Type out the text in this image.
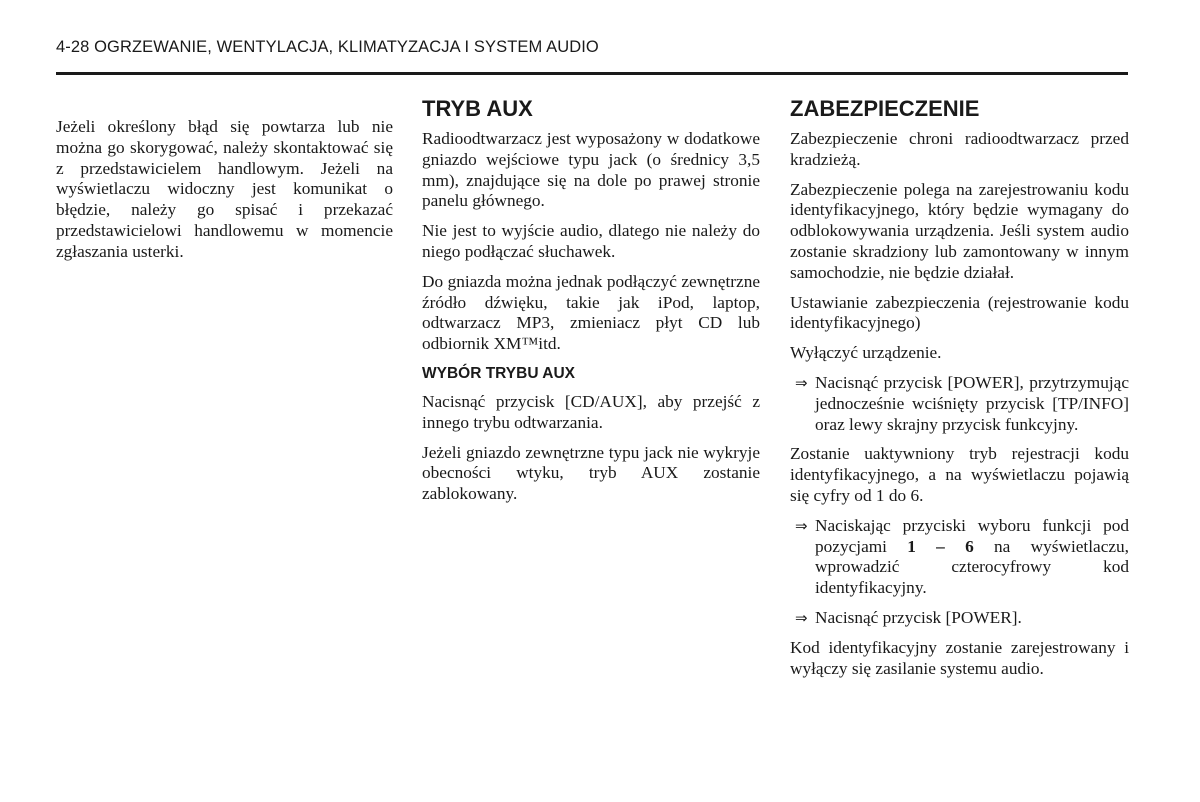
4-28 OGRZEWANIE, WENTYLACJA, KLIMATYZACJA I SYSTEM AUDIO

Jeżeli określony błąd się powtarza lub nie można go skorygować, należy skontaktować się z przedstawicielem handlowym. Jeżeli na wyświetlaczu widoczny jest komunikat o błędzie, należy go spisać i przekazać przedstawicielowi handlowemu w momencie zgłaszania usterki.

TRYB AUX

Radioodtwarzacz jest wyposażony w dodatkowe gniazdo wejściowe typu jack (o średnicy 3,5 mm), znajdujące się na dole po prawej stronie panelu głównego.

Nie jest to wyjście audio, dlatego nie należy do niego podłączać słuchawek.

Do gniazda można jednak podłączyć zewnętrzne źródło dźwięku, takie jak iPod, laptop, odtwarzacz MP3, zmieniacz płyt CD lub odbiornik XM™itd.

WYBÓR TRYBU AUX

Nacisnąć przycisk [CD/AUX], aby przejść z innego trybu odtwarzania.

Jeżeli gniazdo zewnętrzne typu jack nie wykryje obecności wtyku, tryb AUX zostanie zablokowany.

ZABEZPIECZENIE

Zabezpieczenie chroni radioodtwarzacz przed kradzieżą.

Zabezpieczenie polega na zarejestrowaniu kodu identyfikacyjnego, który będzie wymagany do odblokowywania urządzenia. Jeśli system audio zostanie skradziony lub zamontowany w innym samochodzie, nie będzie działał.

Ustawianie zabezpieczenia (rejestrowanie kodu identyfikacyjnego)

Wyłączyć urządzenie.

⇒ Nacisnąć przycisk [POWER], przytrzymując jednocześnie wciśnięty przycisk [TP/INFO] oraz lewy skrajny przycisk funkcyjny.

Zostanie uaktywniony tryb rejestracji kodu identyfikacyjnego, a na wyświetlaczu pojawią się cyfry od 1 do 6.

⇒ Naciskając przyciski wyboru funkcji pod pozycjami 1 – 6 na wyświetlaczu, wprowadzić czterocyfrowy kod identyfikacyjny.
⇒ Nacisnąć przycisk [POWER].

Kod identyfikacyjny zostanie zarejestrowany i wyłączy się zasilanie systemu audio.
